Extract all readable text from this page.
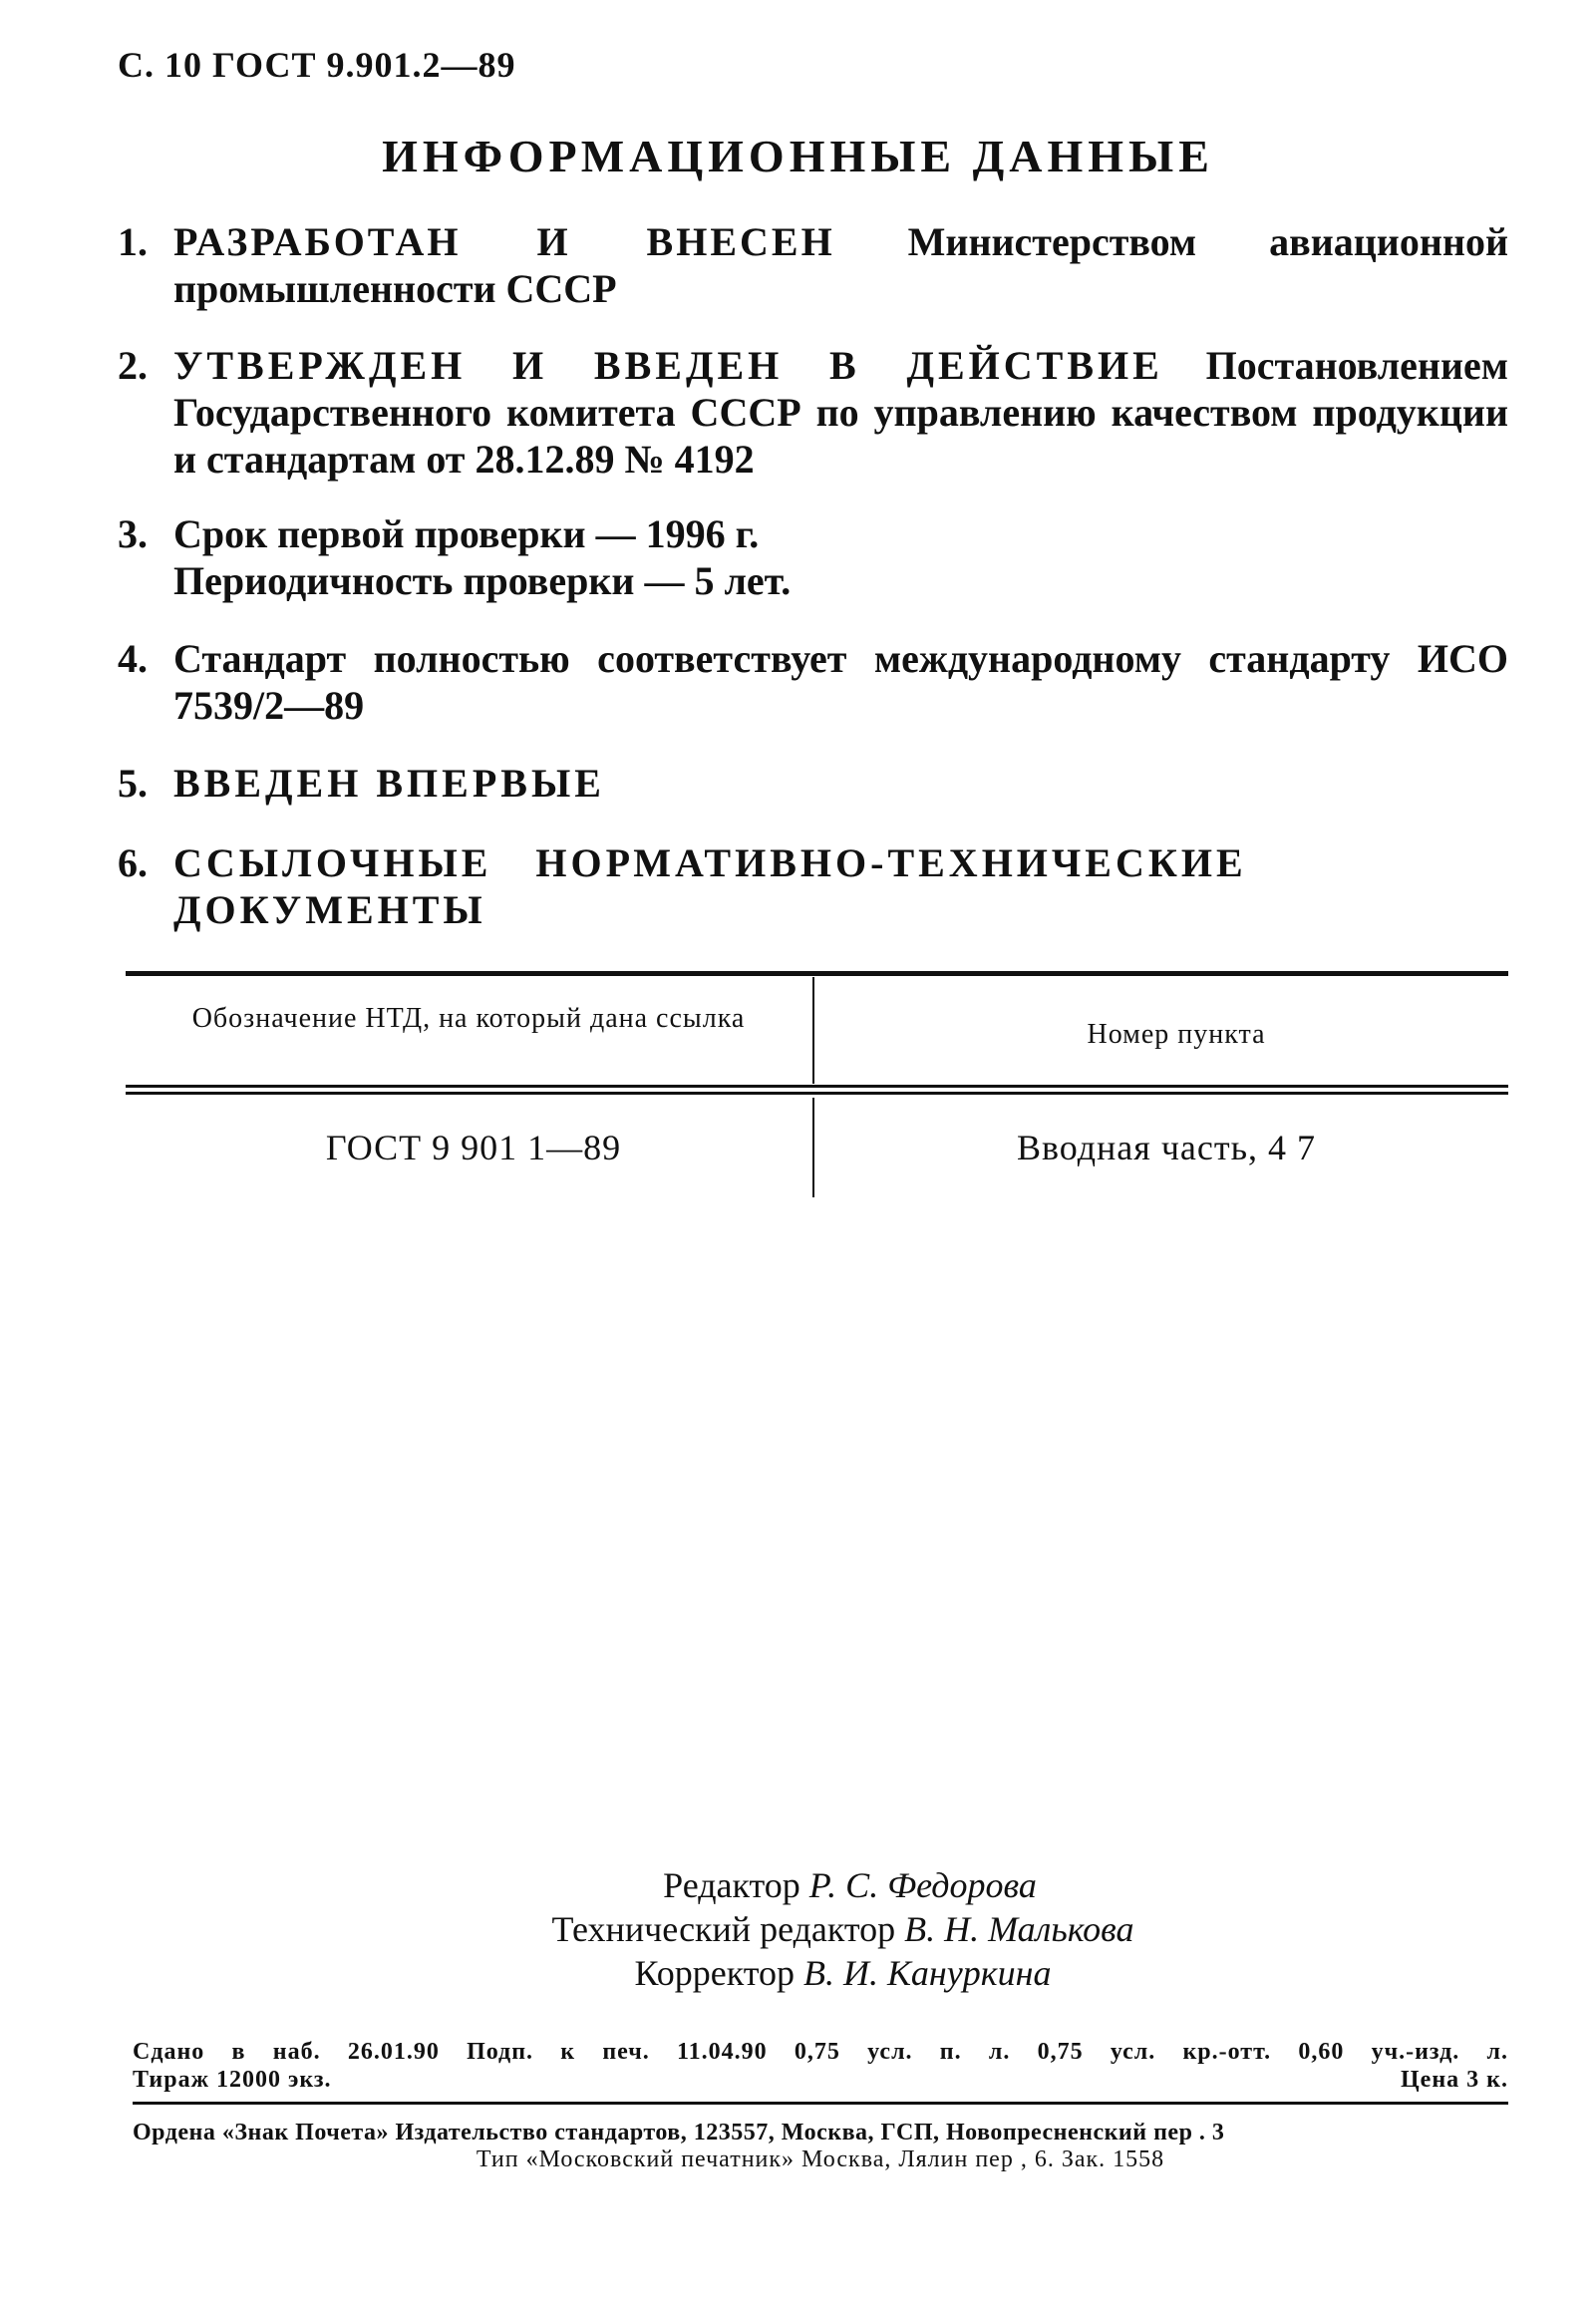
С. 10 ГОСТ 9.901.2—89
ИНФОРМАЦИОННЫЕ ДАННЫЕ
1. РАЗРАБОТАН И ВНЕСЕН Министерством авиационной промышленности СССР
2. УТВЕРЖДЕН И ВВЕДЕН В ДЕЙСТВИЕ Постановлением Государственного комитета СССР по управлению качеством продукции и стандартам от 28.12.89 № 4192
3. Срок первой проверки — 1996 г.
Периодичность проверки — 5 лет.
4. Стандарт полностью соответствует международному стандарту ИСО 7539/2—89
5. ВВЕДЕН ВПЕРВЫЕ
6. ССЫЛОЧНЫЕ НОРМАТИВНО-ТЕХНИЧЕСКИЕ ДОКУМЕНТЫ
Обозначение НТД, на который дана ссылка
Номер пункта
ГОСТ 9 901 1—89	Вводная часть, 4 7
Редактор Р. С. Федорова
Технический редактор В. Н. Малькова
Корректор В. И. Канyркина
Сдано в наб. 26.01.90 Подп. к печ. 11.04.90 0,75 усл. п. л. 0,75 усл. кр.-отт. 0,60 уч.-изд. л.
Тираж 12000 экз.	Цена 3 к.
Ордена «Знак Почета» Издательство стандартов, 123557, Москва, ГСП, Новопресненский пер . 3
Тип «Московский печатник» Москва, Лялин пер , 6. Зак. 1558
